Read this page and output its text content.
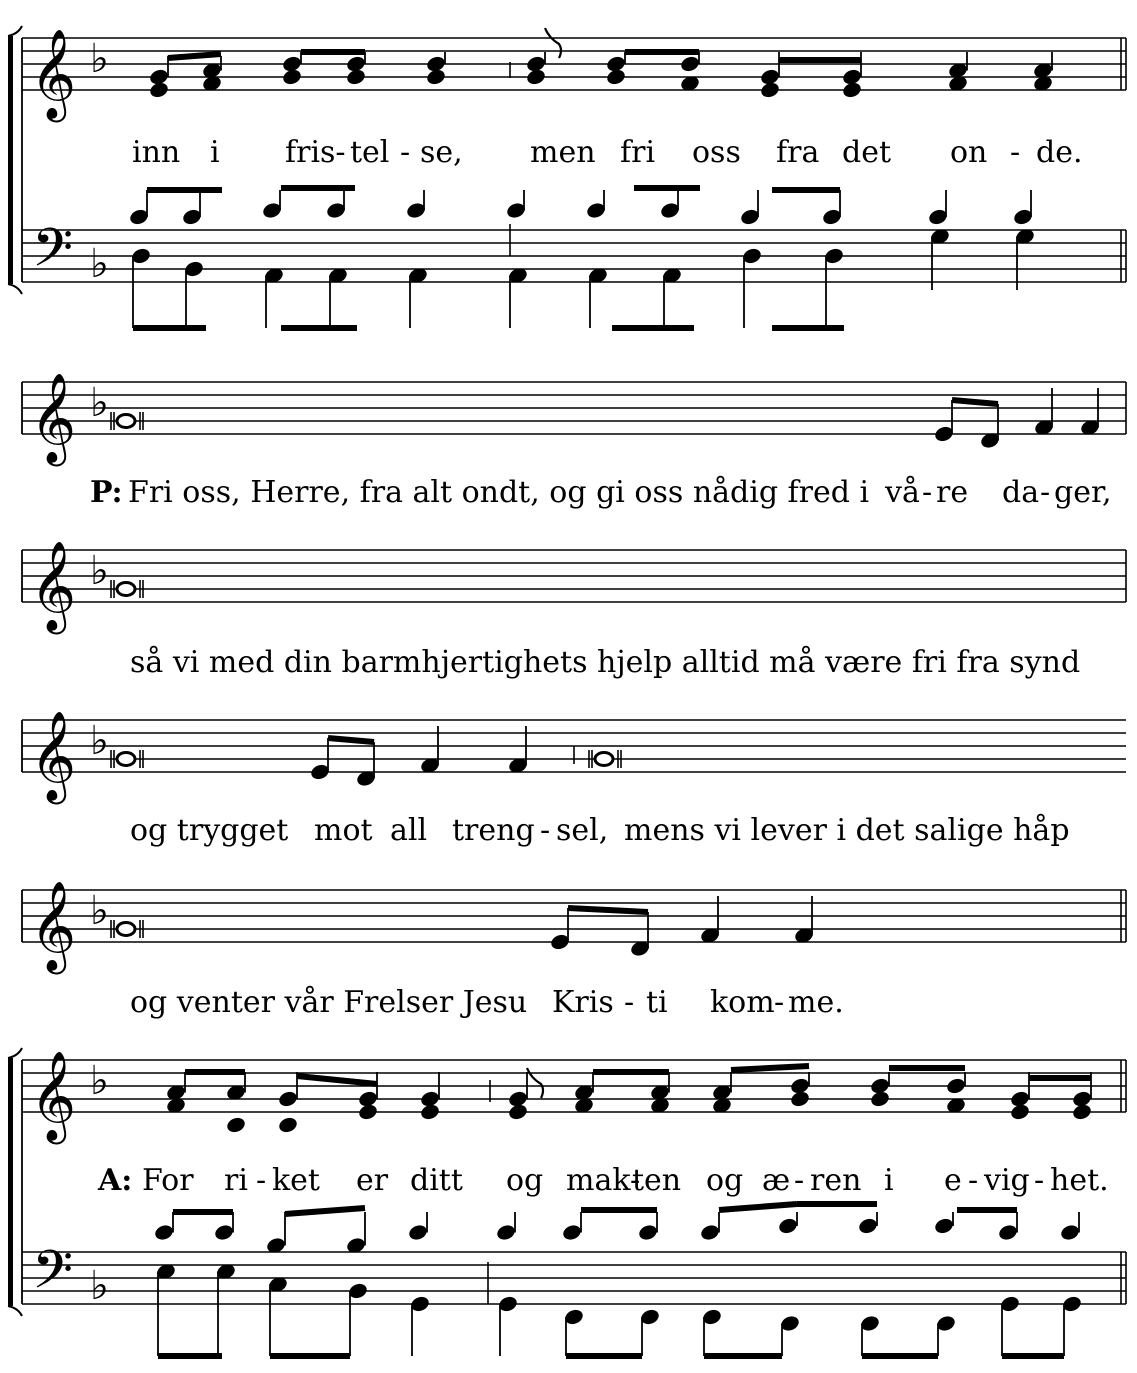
𝄞
𝄢
♭
♭
𝄞 ♭
𝄞 ♭
𝄞 ♭
𝄞 ♭
𝄞
𝄢
♭
♭
inn i fris- tel - se, men fri oss fra det on - de.
P: Fri oss, Herre, fra alt ondt, og gi oss nådig fred i vå - re da - ger,
så vi med din barmhjertighets hjelp alltid må være fri fra synd
og trygget mot all treng - sel, mens vi lever i det salige håp
og venter vår Frelser Jesu Kris - ti kom - me.
A: For ri - ket er ditt og mak-
ten og æ - ren i e - vig - het.
